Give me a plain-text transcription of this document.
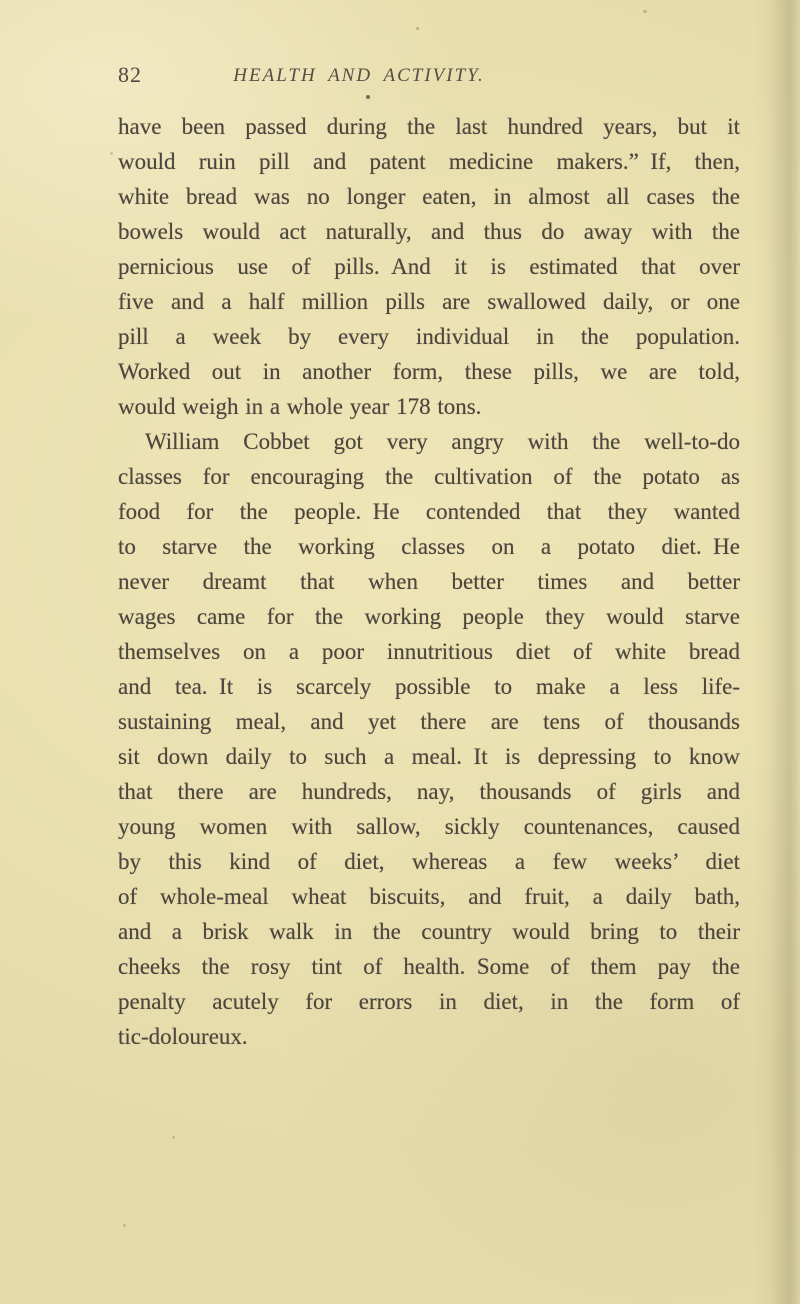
82	HEALTH AND ACTIVITY.
have been passed during the last hundred years, but it
would ruin pill and patent medicine makers.” If, then,
white bread was no longer eaten, in almost all cases the
bowels would act naturally, and thus do away with the
pernicious use of pills. And it is estimated that over
five and a half million pills are swallowed daily, or one
pill a week by every individual in the population.
Worked out in another form, these pills, we are told,
would weigh in a whole year 178 tons.
William Cobbet got very angry with the well-to-do
classes for encouraging the cultivation of the potato as
food for the people. He contended that they wanted
to starve the working classes on a potato diet. He
never dreamt that when better times and better
wages came for the working people they would starve
themselves on a poor innutritious diet of white bread
and tea. It is scarcely possible to make a less life-
sustaining meal, and yet there are tens of thousands
sit down daily to such a meal. It is depressing to know
that there are hundreds, nay, thousands of girls and
young women with sallow, sickly countenances, caused
by this kind of diet, whereas a few weeks’ diet
of whole-meal wheat biscuits, and fruit, a daily bath,
and a brisk walk in the country would bring to their
cheeks the rosy tint of health. Some of them pay the
penalty acutely for errors in diet, in the form of
tic-doloureux.
